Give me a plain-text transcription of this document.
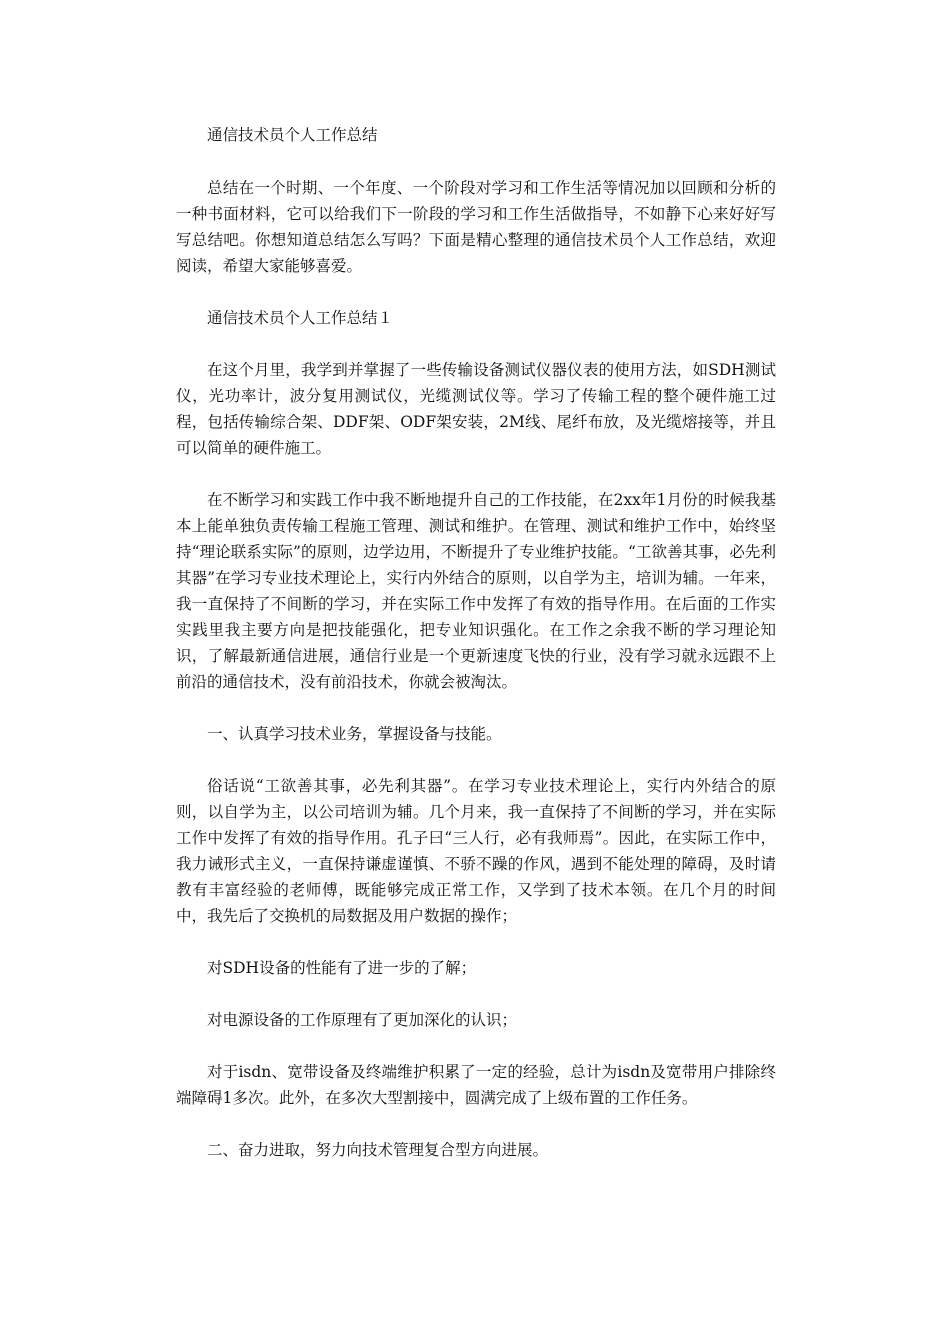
通信技术员个人工作总结

总结在一个时期、一个年度、一个阶段对学习和工作生活等情况加以回顾和分析的一种书面材料，它可以给我们下一阶段的学习和工作生活做指导，不如静下心来好好写写总结吧。你想知道总结怎么写吗？下面是精心整理的通信技术员个人工作总结，欢迎阅读，希望大家能够喜爱。

通信技术员个人工作总结１

在这个月里，我学到并掌握了一些传输设备测试仪器仪表的使用方法，如SDH测试仪，光功率计，波分复用测试仪，光缆测试仪等。学习了传输工程的整个硬件施工过程，包括传输综合架、DDF架、ODF架安装，2M线、尾纤布放，及光缆熔接等，并且可以简单的硬件施工。

在不断学习和实践工作中我不断地提升自己的工作技能，在2xx年1月份的时候我基本上能单独负责传输工程施工管理、测试和维护。在管理、测试和维护工作中，始终坚持“理论联系实际”的原则，边学边用，不断提升了专业维护技能。“工欲善其事，必先利其器”在学习专业技术理论上，实行内外结合的原则，以自学为主，培训为辅。一年来，我一直保持了不间断的学习，并在实际工作中发挥了有效的指导作用。在后面的工作实实践里我主要方向是把技能强化，把专业知识强化。在工作之余我不断的学习理论知识，了解最新通信进展，通信行业是一个更新速度飞快的行业，没有学习就永远跟不上前沿的通信技术，没有前沿技术，你就会被淘汰。

一、认真学习技术业务，掌握设备与技能。

俗话说“工欲善其事，必先利其器”。在学习专业技术理论上，实行内外结合的原则，以自学为主，以公司培训为辅。几个月来，我一直保持了不间断的学习，并在实际工作中发挥了有效的指导作用。孔子曰“三人行，必有我师焉”。因此，在实际工作中，我力诫形式主义，一直保持谦虚谨慎、不骄不躁的作风，遇到不能处理的障碍，及时请教有丰富经验的老师傅，既能够完成正常工作，又学到了技术本领。在几个月的时间中，我先后了交换机的局数据及用户数据的操作；

对SDH设备的性能有了进一步的了解；

对电源设备的工作原理有了更加深化的认识；

对于isdn、宽带设备及终端维护积累了一定的经验，总计为isdn及宽带用户排除终端障碍1多次。此外，在多次大型割接中，圆满完成了上级布置的工作任务。

二、奋力进取，努力向技术管理复合型方向进展。
